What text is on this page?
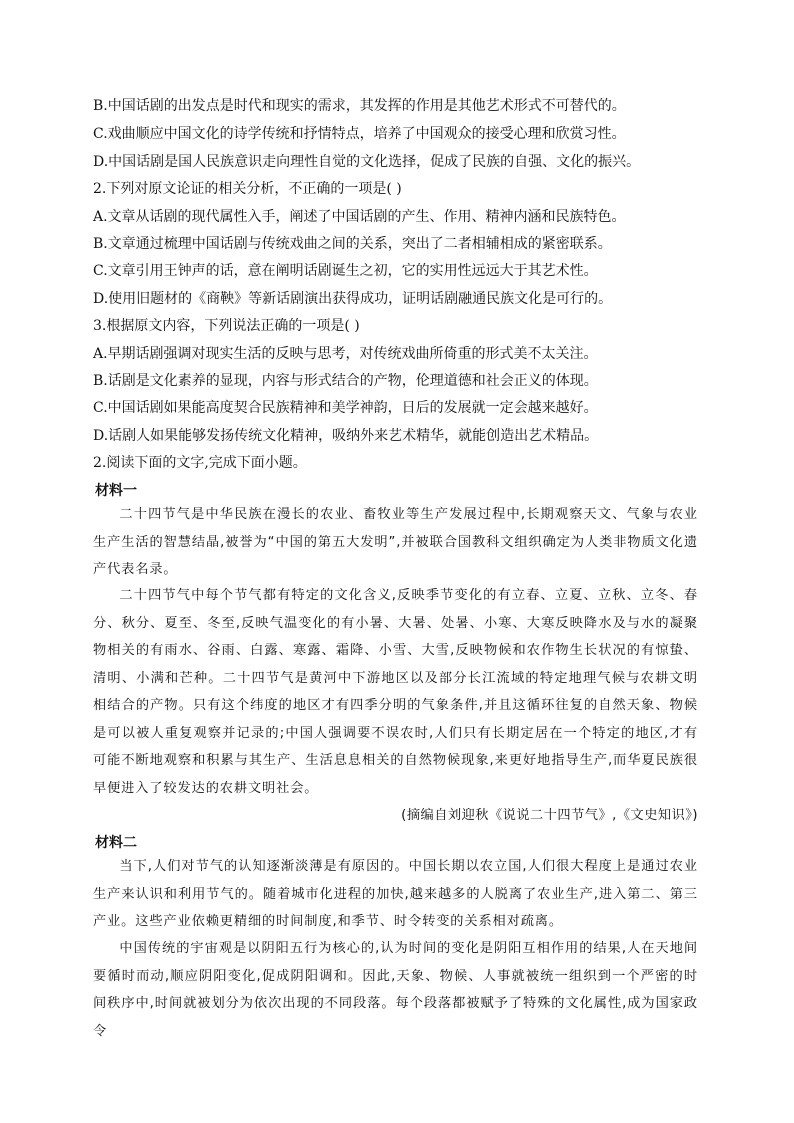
B.中国话剧的出发点是时代和现实的需求，其发挥的作用是其他艺术形式不可替代的。
C.戏曲顺应中国文化的诗学传统和抒情特点，培养了中国观众的接受心理和欣赏习性。
D.中国话剧是国人民族意识走向理性自觉的文化选择，促成了民族的自强、文化的振兴。
2.下列对原文论证的相关分析，不正确的一项是( )
A.文章从话剧的现代属性入手，阐述了中国话剧的产生、作用、精神内涵和民族特色。
B.文章通过梳理中国话剧与传统戏曲之间的关系，突出了二者相辅相成的紧密联系。
C.文章引用王钟声的话，意在阐明话剧诞生之初，它的实用性远远大于其艺术性。
D.使用旧题材的《商鞅》等新话剧演出获得成功，证明话剧融通民族文化是可行的。
3.根据原文内容，下列说法正确的一项是( )
A.早期话剧强调对现实生活的反映与思考，对传统戏曲所倚重的形式美不太关注。
B.话剧是文化素养的显现，内容与形式结合的产物，伦理道德和社会正义的体现。
C.中国话剧如果能高度契合民族精神和美学神韵，日后的发展就一定会越来越好。
D.话剧人如果能够发扬传统文化精神，吸纳外来艺术精华，就能创造出艺术精品。
2.阅读下面的文字,完成下面小题。
材料一
二十四节气是中华民族在漫长的农业、畜牧业等生产发展过程中,长期观察天文、气象与农业生产生活的智慧结晶,被誉为“中国的第五大发明”,并被联合国教科文组织确定为人类非物质文化遗产代表名录。
二十四节气中每个节气都有特定的文化含义,反映季节变化的有立春、立夏、立秋、立冬、春分、秋分、夏至、冬至,反映气温变化的有小暑、大暑、处暑、小寒、大寒反映降水及与水的凝聚物相关的有雨水、谷雨、白露、寒露、霜降、小雪、大雪,反映物候和农作物生长状况的有惊蛰、清明、小满和芒种。二十四节气是黄河中下游地区以及部分长江流域的特定地理气候与农耕文明相结合的产物。只有这个纬度的地区才有四季分明的气象条件,并且这循环往复的自然天象、物候是可以被人重复观察并记录的;中国人强调要不误农时,人们只有长期定居在一个特定的地区,才有可能不断地观察和积累与其生产、生活息息相关的自然物候现象,来更好地指导生产,而华夏民族很早便进入了较发达的农耕文明社会。
(摘编自刘迎秋《说说二十四节气》,《文史知识》)
材料二
当下,人们对节气的认知逐渐淡薄是有原因的。中国长期以农立国,人们很大程度上是通过农业生产来认识和利用节气的。随着城市化进程的加快,越来越多的人脱离了农业生产,进入第二、第三产业。这些产业依赖更精细的时间制度,和季节、时令转变的关系相对疏离。
中国传统的宇宙观是以阴阳五行为核心的,认为时间的变化是阴阳互相作用的结果,人在天地间要循时而动,顺应阴阳变化,促成阴阳调和。因此,天象、物候、人事就被统一组织到一个严密的时间秩序中,时间就被划分为依次出现的不同段落。每个段落都被赋予了特殊的文化属性,成为国家政令
